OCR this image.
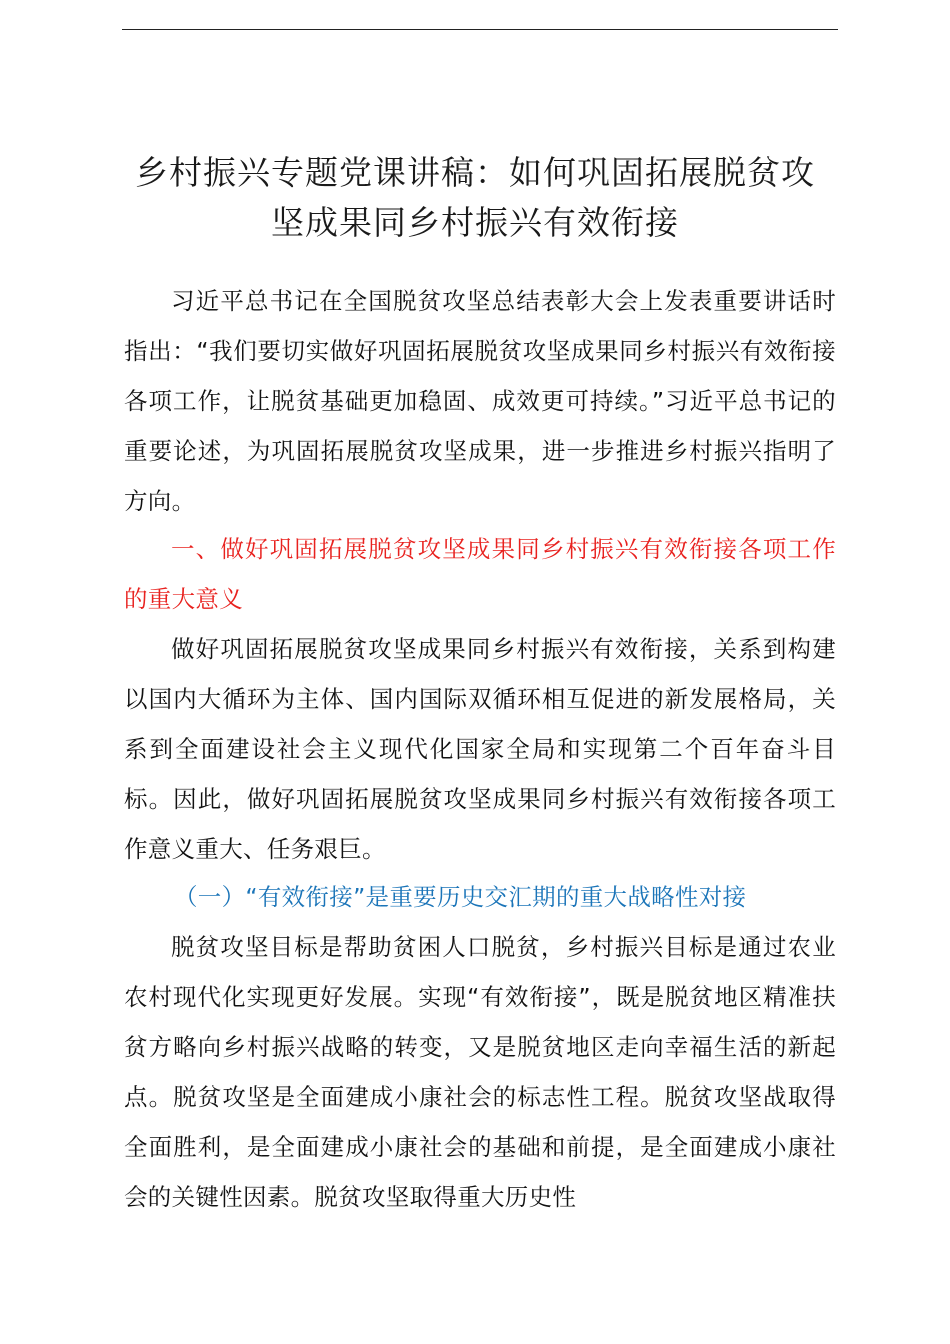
乡村振兴专题党课讲稿：如何巩固拓展脱贫攻
坚成果同乡村振兴有效衔接
习近平总书记在全国脱贫攻坚总结表彰大会上发表重要讲话时指出：“我们要切实做好巩固拓展脱贫攻坚成果同乡村振兴有效衔接各项工作，让脱贫基础更加稳固、成效更可持续。”习近平总书记的重要论述，为巩固拓展脱贫攻坚成果，进一步推进乡村振兴指明了方向。
一、做好巩固拓展脱贫攻坚成果同乡村振兴有效衔接各项工作的重大意义
做好巩固拓展脱贫攻坚成果同乡村振兴有效衔接，关系到构建以国内大循环为主体、国内国际双循环相互促进的新发展格局，关系到全面建设社会主义现代化国家全局和实现第二个百年奋斗目标。因此，做好巩固拓展脱贫攻坚成果同乡村振兴有效衔接各项工作意义重大、任务艰巨。
（一）“有效衔接”是重要历史交汇期的重大战略性对接
脱贫攻坚目标是帮助贫困人口脱贫，乡村振兴目标是通过农业农村现代化实现更好发展。实现“有效衔接”，既是脱贫地区精准扶贫方略向乡村振兴战略的转变，又是脱贫地区走向幸福生活的新起点。脱贫攻坚是全面建成小康社会的标志性工程。脱贫攻坚战取得全面胜利，是全面建成小康社会的基础和前提，是全面建成小康社会的关键性因素。脱贫攻坚取得重大历史性
